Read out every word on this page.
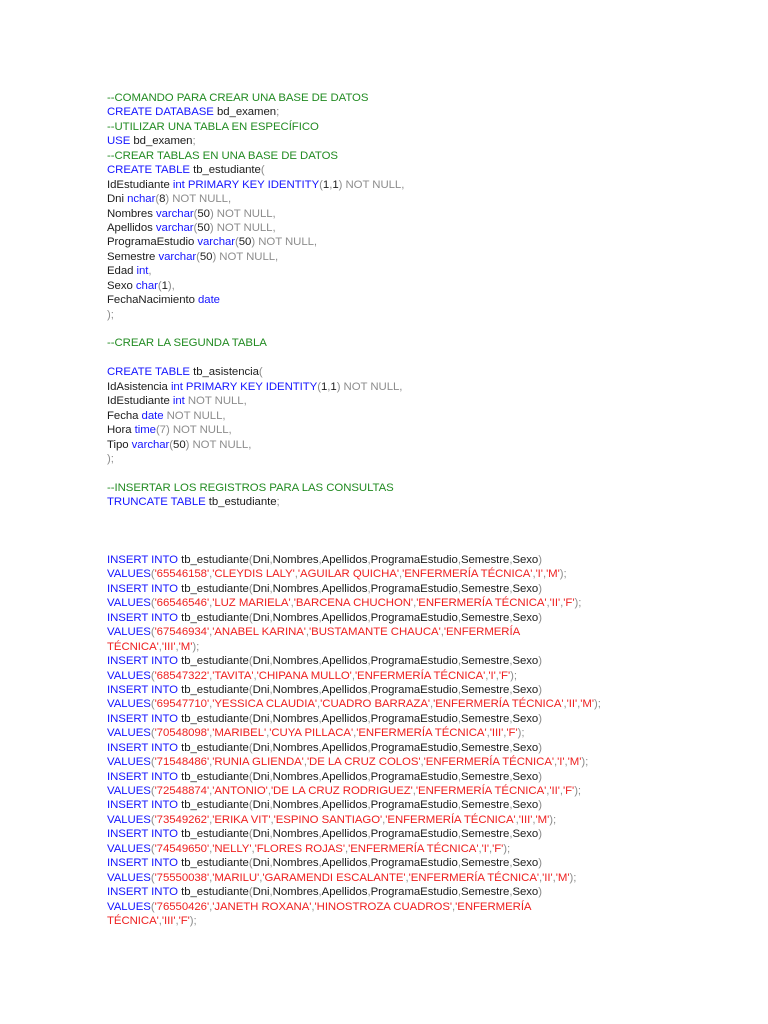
--COMANDO PARA CREAR UNA BASE DE DATOS
CREATE DATABASE bd_examen;
--UTILIZAR UNA TABLA EN ESPECÍFICO
USE bd_examen;
--CREAR TABLAS EN UNA BASE DE DATOS
CREATE TABLE tb_estudiante(
IdEstudiante int PRIMARY KEY IDENTITY(1,1) NOT NULL,
Dni nchar(8) NOT NULL,
Nombres varchar(50) NOT NULL,
Apellidos varchar(50) NOT NULL,
ProgramaEstudio varchar(50) NOT NULL,
Semestre varchar(50) NOT NULL,
Edad int,
Sexo char(1),
FechaNacimiento date
);
--CREAR LA SEGUNDA TABLA
CREATE TABLE tb_asistencia(
IdAsistencia int PRIMARY KEY IDENTITY(1,1) NOT NULL,
IdEstudiante int NOT NULL,
Fecha date NOT NULL,
Hora time(7) NOT NULL,
Tipo varchar(50) NOT NULL,
);
--INSERTAR LOS REGISTROS PARA LAS CONSULTAS
TRUNCATE TABLE tb_estudiante;
INSERT INTO tb_estudiante(Dni,Nombres,Apellidos,ProgramaEstudio,Semestre,Sexo)
VALUES('65546158','CLEYDIS LALY','AGUILAR QUICHA','ENFERMERÍA TÉCNICA','I','M');
INSERT INTO tb_estudiante(Dni,Nombres,Apellidos,ProgramaEstudio,Semestre,Sexo)
VALUES('66546546','LUZ MARIELA','BARCENA CHUCHON','ENFERMERÍA TÉCNICA','II','F');
INSERT INTO tb_estudiante(Dni,Nombres,Apellidos,ProgramaEstudio,Semestre,Sexo)
VALUES('67546934','ANABEL KARINA','BUSTAMANTE CHAUCA','ENFERMERÍA
TÉCNICA','III','M');
INSERT INTO tb_estudiante(Dni,Nombres,Apellidos,ProgramaEstudio,Semestre,Sexo)
VALUES('68547322','TAVITA','CHIPANA MULLO','ENFERMERÍA TÉCNICA','I','F');
INSERT INTO tb_estudiante(Dni,Nombres,Apellidos,ProgramaEstudio,Semestre,Sexo)
VALUES('69547710','YESSICA CLAUDIA','CUADRO BARRAZA','ENFERMERÍA TÉCNICA','II','M');
INSERT INTO tb_estudiante(Dni,Nombres,Apellidos,ProgramaEstudio,Semestre,Sexo)
VALUES('70548098','MARIBEL','CUYA PILLACA','ENFERMERÍA TÉCNICA','III','F');
INSERT INTO tb_estudiante(Dni,Nombres,Apellidos,ProgramaEstudio,Semestre,Sexo)
VALUES('71548486','RUNIA GLIENDA','DE LA CRUZ COLOS','ENFERMERÍA TÉCNICA','I','M');
INSERT INTO tb_estudiante(Dni,Nombres,Apellidos,ProgramaEstudio,Semestre,Sexo)
VALUES('72548874','ANTONIO','DE LA CRUZ RODRIGUEZ','ENFERMERÍA TÉCNICA','II','F');
INSERT INTO tb_estudiante(Dni,Nombres,Apellidos,ProgramaEstudio,Semestre,Sexo)
VALUES('73549262','ERIKA VIT','ESPINO SANTIAGO','ENFERMERÍA TÉCNICA','III','M');
INSERT INTO tb_estudiante(Dni,Nombres,Apellidos,ProgramaEstudio,Semestre,Sexo)
VALUES('74549650','NELLY','FLORES ROJAS','ENFERMERÍA TÉCNICA','I','F');
INSERT INTO tb_estudiante(Dni,Nombres,Apellidos,ProgramaEstudio,Semestre,Sexo)
VALUES('75550038','MARILU','GARAMENDI ESCALANTE','ENFERMERÍA TÉCNICA','II','M');
INSERT INTO tb_estudiante(Dni,Nombres,Apellidos,ProgramaEstudio,Semestre,Sexo)
VALUES('76550426','JANETH ROXANA','HINOSTROZA CUADROS','ENFERMERÍA
TÉCNICA','III','F');
